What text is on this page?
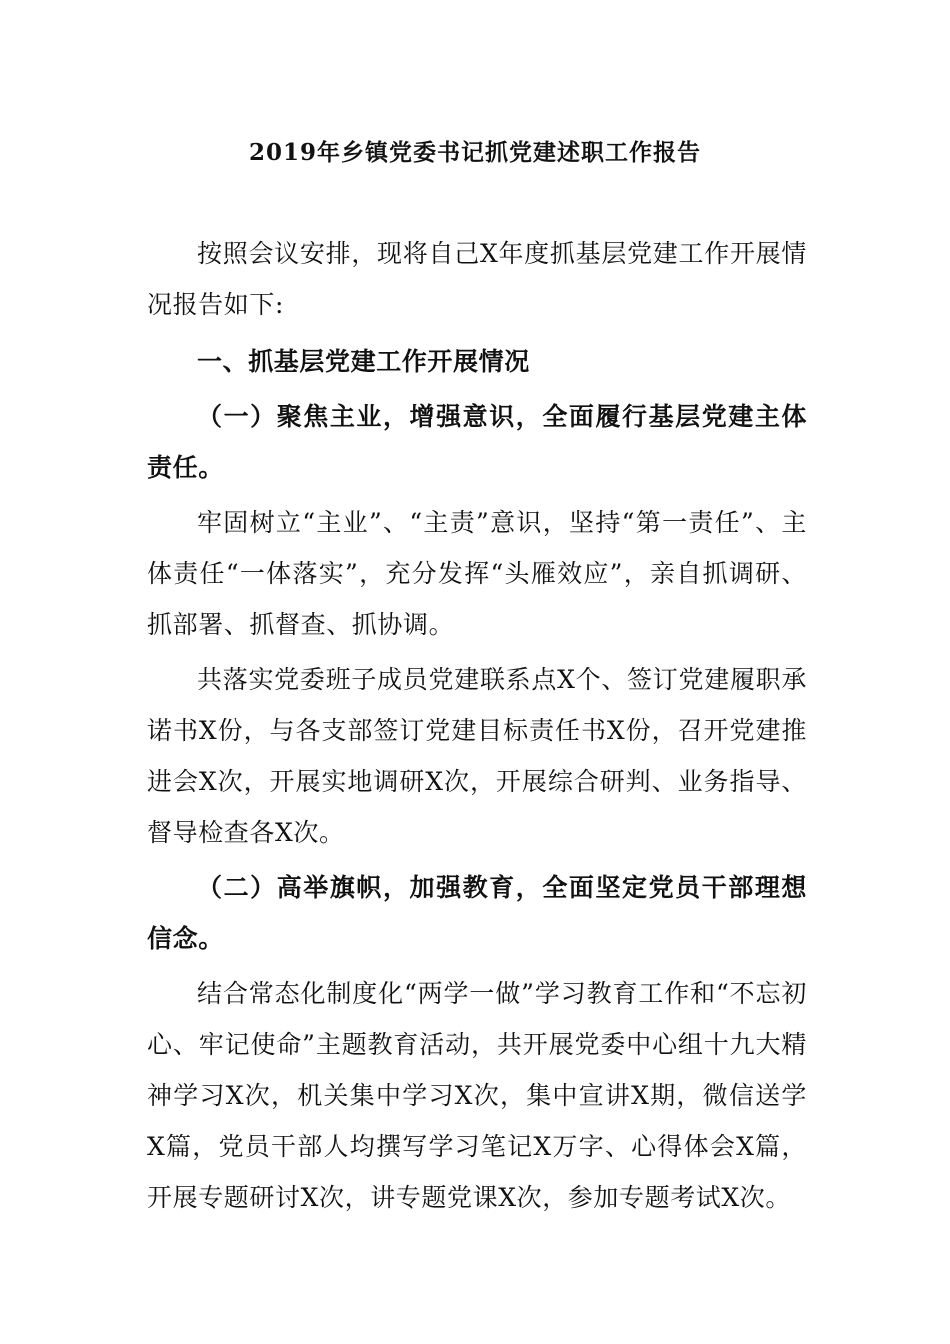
2019年乡镇党委书记抓党建述职工作报告

按照会议安排，现将自己X年度抓基层党建工作开展情况报告如下:

一、抓基层党建工作开展情况

（一）聚焦主业，增强意识，全面履行基层党建主体责任。

牢固树立“主业”、“主责”意识，坚持“第一责任”、主体责任“一体落实”，充分发挥“头雁效应”，亲自抓调研、抓部署、抓督查、抓协调。

共落实党委班子成员党建联系点X个、签订党建履职承诺书X份，与各支部签订党建目标责任书X份，召开党建推进会X次，开展实地调研X次，开展综合研判、业务指导、督导检查各X次。

（二）高举旗帜，加强教育，全面坚定党员干部理想信念。

结合常态化制度化“两学一做”学习教育工作和“不忘初心、牢记使命”主题教育活动，共开展党委中心组十九大精神学习X次，机关集中学习X次，集中宣讲X期，微信送学X篇，党员干部人均撰写学习笔记X万字、心得体会X篇，开展专题研讨X次，讲专题党课X次，参加专题考试X次。
